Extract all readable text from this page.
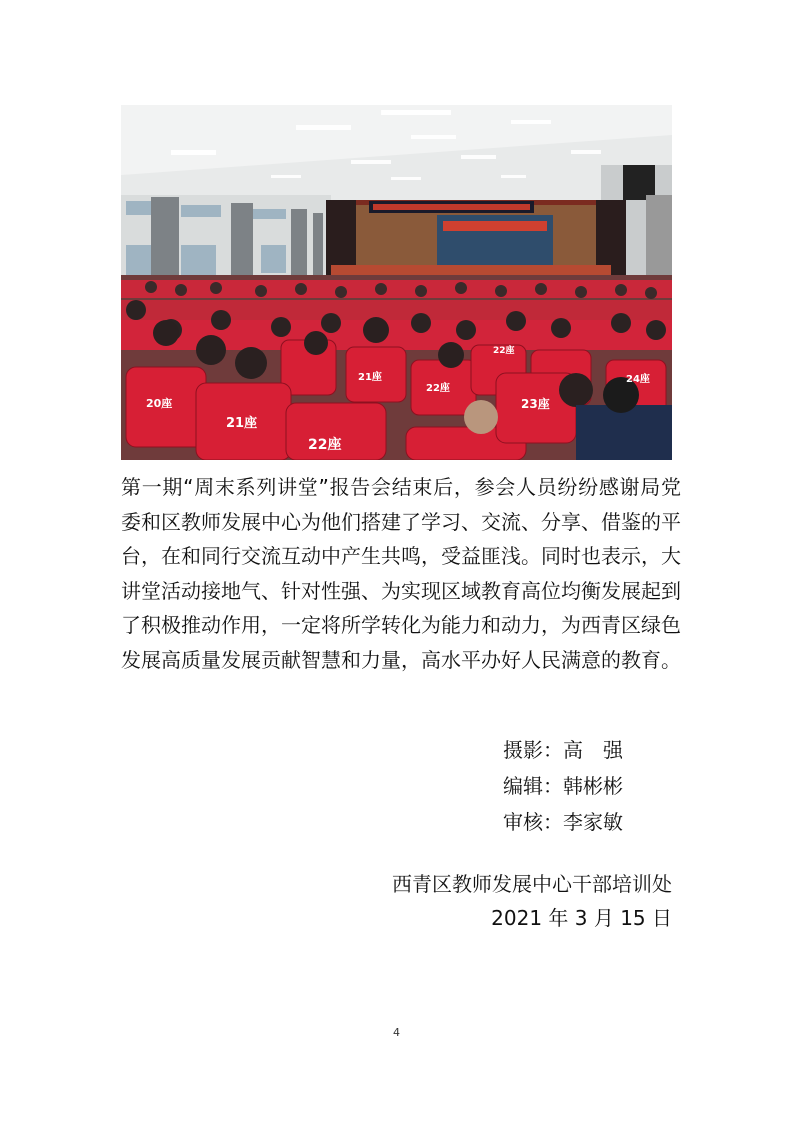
20座
21座
22座
22座
23座
21座
22座
24座

第一期“周末系列讲堂”报告会结束后，参会人员纷纷感谢局党委和区教师发展中心为他们搭建了学习、交流、分享、借鉴的平台，在和同行交流互动中产生共鸣，受益匪浅。同时也表示，大讲堂活动接地气、针对性强、为实现区域教育高位均衡发展起到了积极推动作用，一定将所学转化为能力和动力，为西青区绿色发展高质量发展贡献智慧和力量，高水平办好人民满意的教育。

摄影：高　强
编辑：韩彬彬
审核：李家敏
西青区教师发展中心干部培训处
2021 年 3 月 15 日
4
